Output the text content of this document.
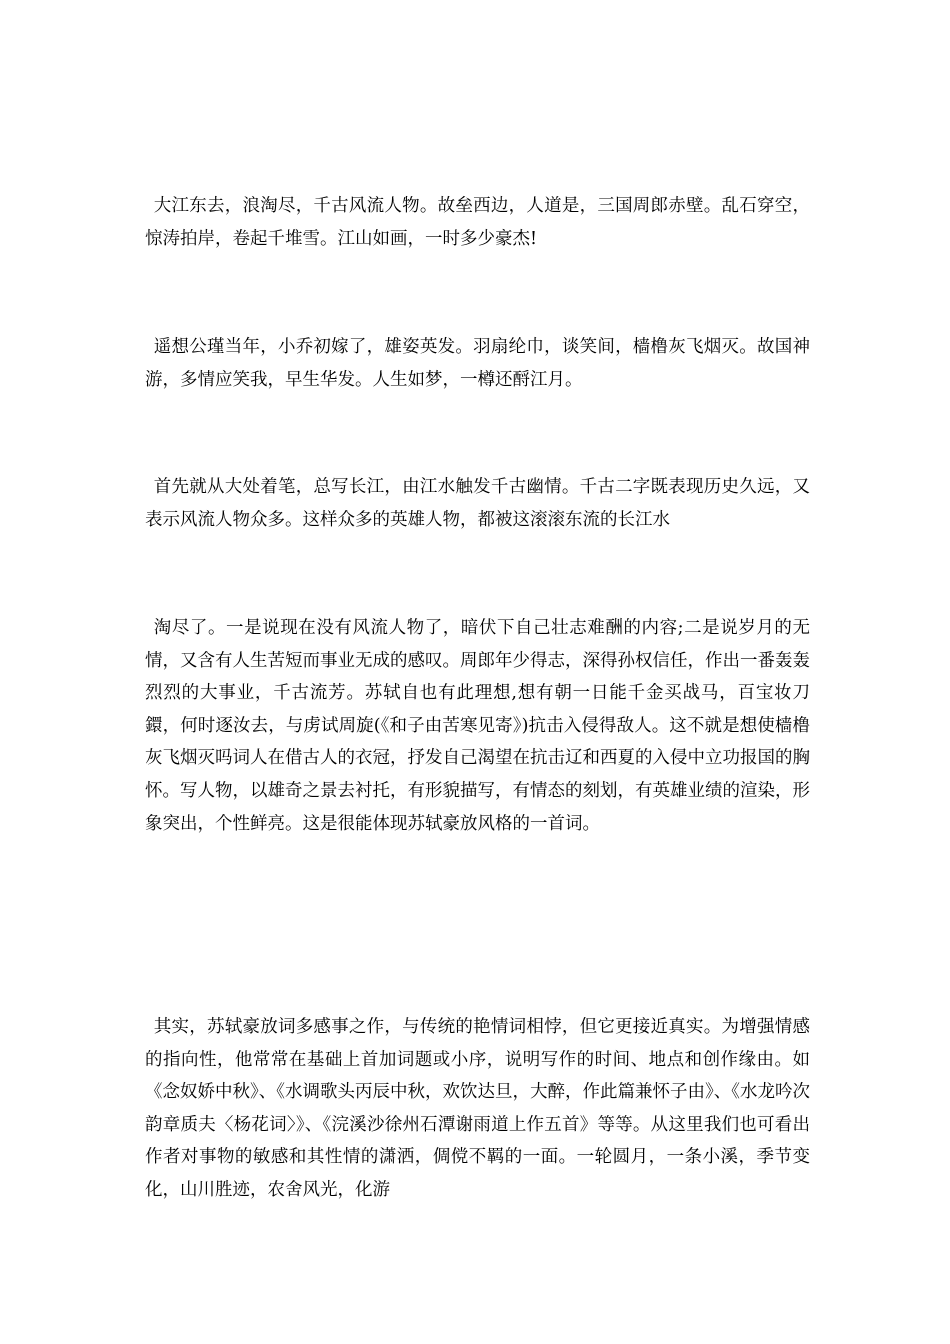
大江东去，浪淘尽，千古风流人物。故垒西边，人道是，三国周郎赤壁。乱石穿空，惊涛拍岸，卷起千堆雪。江山如画，一时多少豪杰!

遥想公瑾当年，小乔初嫁了，雄姿英发。羽扇纶巾，谈笑间，樯橹灰飞烟灭。故国神游，多情应笑我，早生华发。人生如梦，一樽还酹江月。

首先就从大处着笔，总写长江，由江水触发千古幽情。千古二字既表现历史久远，又表示风流人物众多。这样众多的英雄人物，都被这滚滚东流的长江水

淘尽了。一是说现在没有风流人物了，暗伏下自己壮志难酬的内容;二是说岁月的无情，又含有人生苦短而事业无成的感叹。周郎年少得志，深得孙权信任，作出一番轰轰烈烈的大事业，千古流芳。苏轼自也有此理想,想有朝一日能千金买战马，百宝妆刀鐶，何时逐汝去，与虏试周旋(《和子由苦寒见寄》)抗击入侵得敌人。这不就是想使樯橹灰飞烟灭吗词人在借古人的衣冠，抒发自己渴望在抗击辽和西夏的入侵中立功报国的胸怀。写人物，以雄奇之景去衬托，有形貌描写，有情态的刻划，有英雄业绩的渲染，形象突出，个性鲜亮。这是很能体现苏轼豪放风格的一首词。

其实，苏轼豪放词多感事之作，与传统的艳情词相悖，但它更接近真实。为增强情感的指向性，他常常在基础上首加词题或小序，说明写作的时间、地点和创作缘由。如《念奴娇中秋》、《水调歌头丙辰中秋，欢饮达旦，大醉，作此篇兼怀子由》、《水龙吟次韵章质夫〈杨花词〉》、《浣溪沙徐州石潭谢雨道上作五首》等等。从这里我们也可看出作者对事物的敏感和其性情的潇洒，倜傥不羁的一面。一轮圆月，一条小溪，季节变化，山川胜迹，农舍风光，化游
